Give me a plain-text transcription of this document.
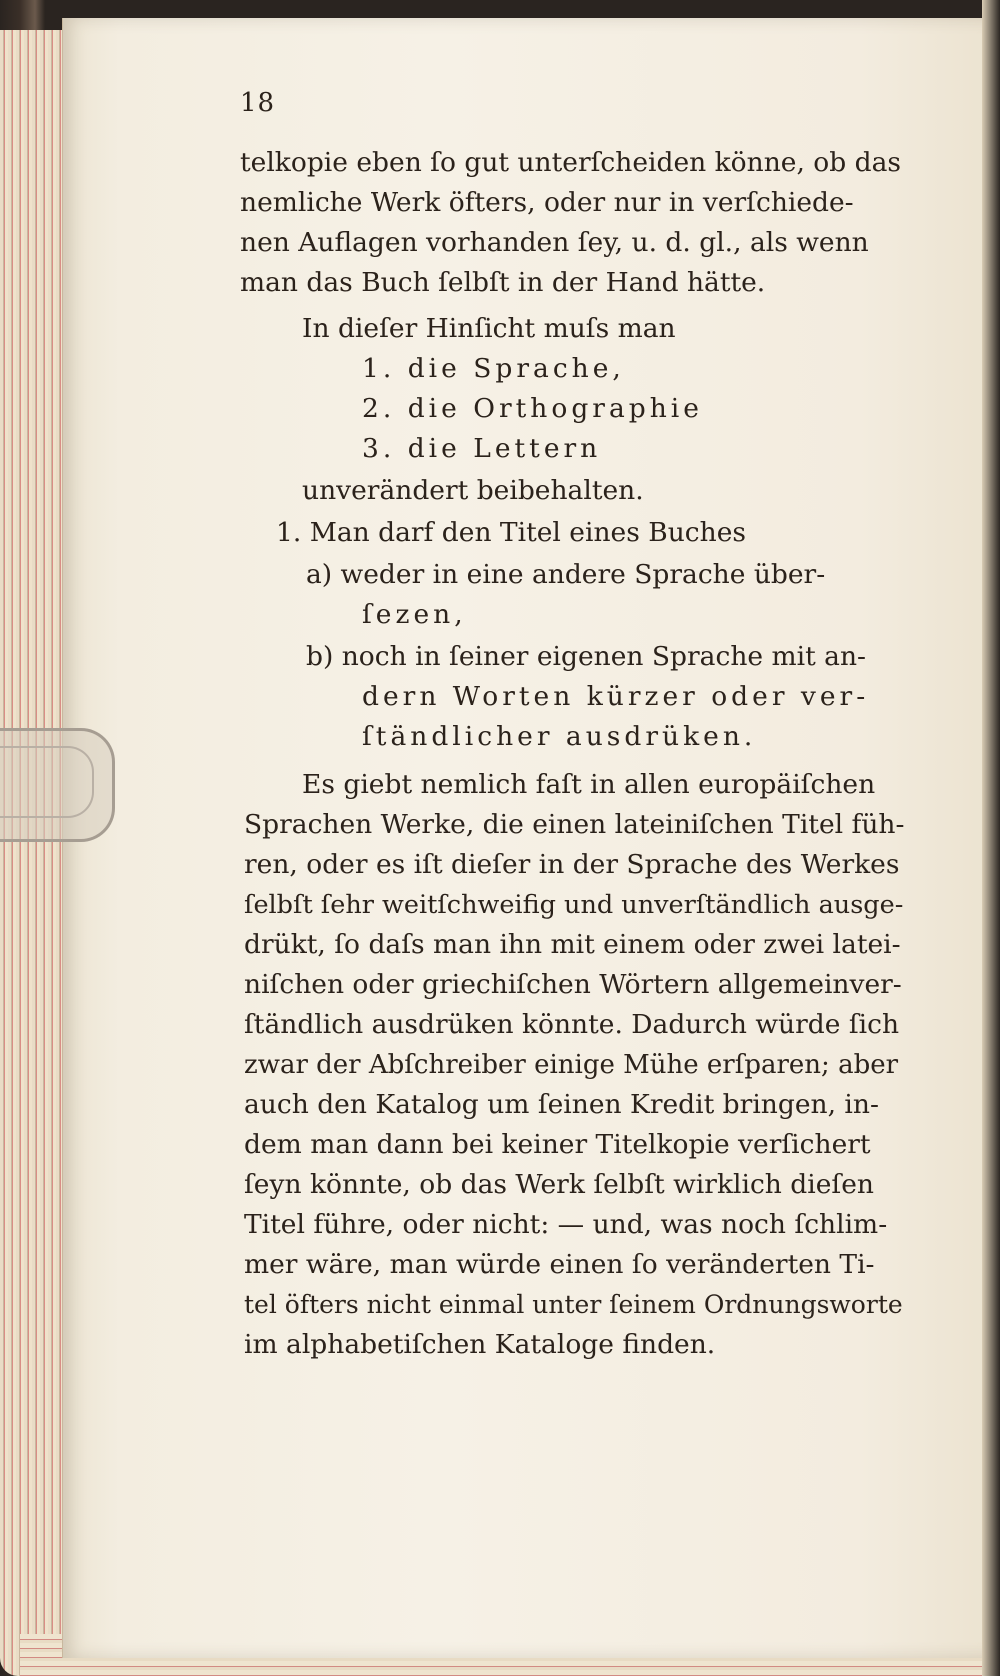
18
telkopie eben ſo gut unterſcheiden könne, ob das
nemliche Werk öfters, oder nur in verſchiede-
nen Auflagen vorhanden ſey, u. d. gl., als wenn
man das Buch ſelbſt in der Hand hätte.
In dieſer Hinſicht muſs man
1. die Sprache,
2. die Orthographie
3. die Lettern
unverändert beibehalten.
1. Man darf den Titel eines Buches
a) weder in eine andere Sprache über-
ſezen,
b) noch in ſeiner eigenen Sprache mit an-
dern Worten kürzer oder ver-
ſtändlicher ausdrüken.
Es giebt nemlich faſt in allen europäiſchen
Sprachen Werke, die einen lateiniſchen Titel füh-
ren, oder es iſt dieſer in der Sprache des Werkes
ſelbſt ſehr weitſchweifig und unverſtändlich ausge-
drükt, ſo daſs man ihn mit einem oder zwei latei-
niſchen oder griechiſchen Wörtern allgemeinver-
ſtändlich ausdrüken könnte. Dadurch würde ſich
zwar der Abſchreiber einige Mühe erſparen; aber
auch den Katalog um ſeinen Kredit bringen, in-
dem man dann bei keiner Titelkopie verſichert
ſeyn könnte, ob das Werk ſelbſt wirklich dieſen
Titel führe, oder nicht: — und, was noch ſchlim-
mer wäre, man würde einen ſo veränderten Ti-
tel öfters nicht einmal unter ſeinem Ordnungsworte
im alphabetiſchen Kataloge finden.
